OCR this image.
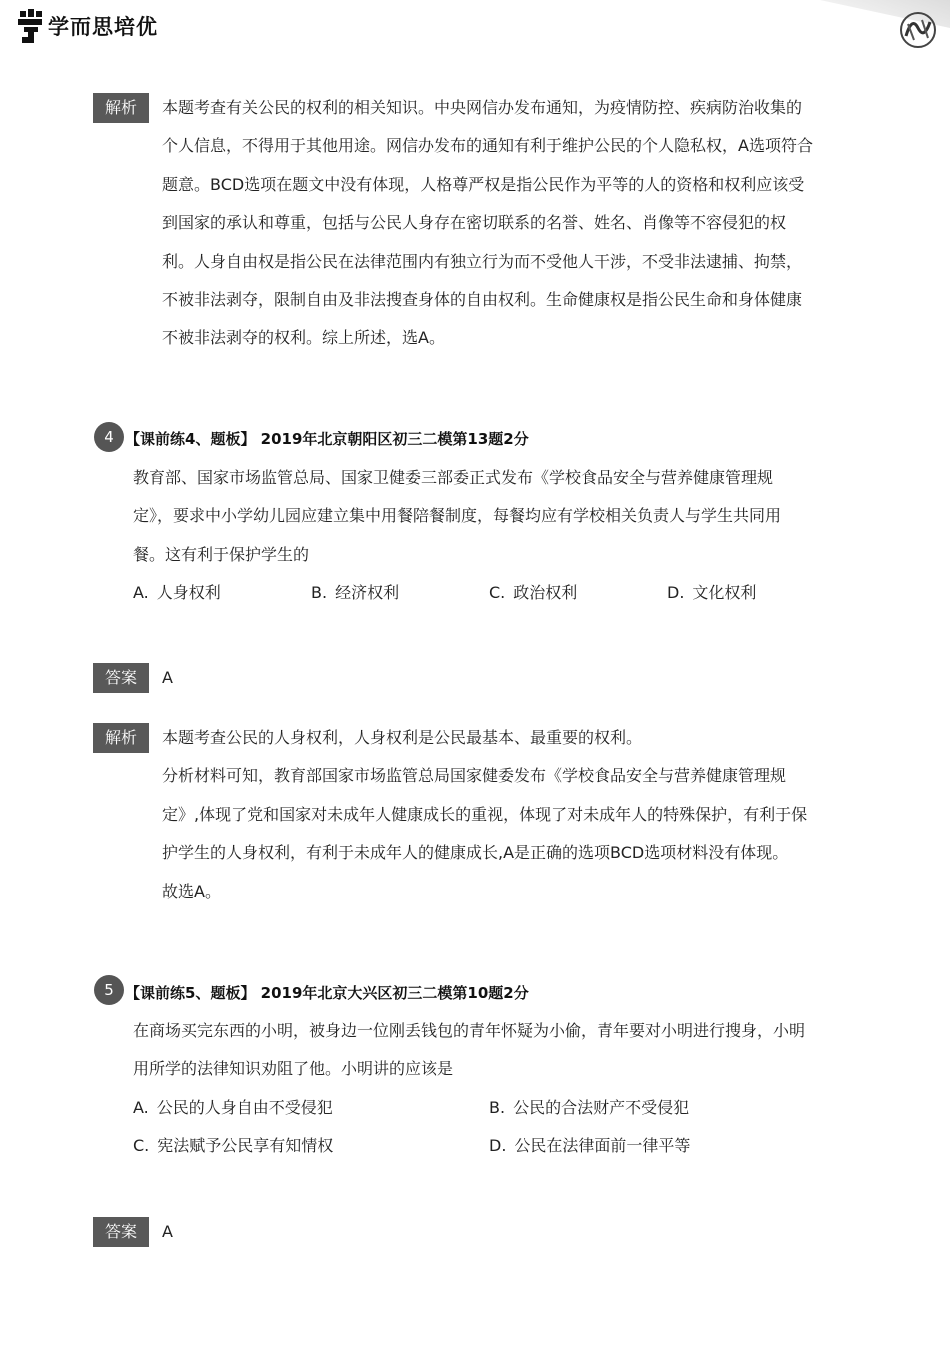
学而思培优
解析	本题考查有关公民的权利的相关知识。中央网信办发布通知，为疫情防控、疾病防治收集的

个人信息，不得用于其他用途。网信办发布的通知有利于维护公民的个人隐私权，A选项符合

题意。BCD选项在题文中没有体现，人格尊严权是指公民作为平等的人的资格和权利应该受

到国家的承认和尊重，包括与公民人身存在密切联系的名誉、姓名、肖像等不容侵犯的权

利。人身自由权是指公民在法律范围内有独立行为而不受他人干涉，不受非法逮捕、拘禁，

不被非法剥夺，限制自由及非法搜查身体的自由权利。生命健康权是指公民生命和身体健康

不被非法剥夺的权利。综上所述，选A。

4 【课前练4、题板】 2019年北京朝阳区初三二模第13题2分

教育部、国家市场监管总局、国家卫健委三部委正式发布《学校食品安全与营养健康管理规

定》，要求中小学幼儿园应建立集中用餐陪餐制度，每餐均应有学校相关负责人与学生共同用

餐。这有利于保护学生的

A. 人身权利	B. 经济权利	C. 政治权利	D. 文化权利
答案	A
解析	本题考查公民的人身权利，人身权利是公民最基本、最重要的权利。

分析材料可知，教育部国家市场监管总局国家健委发布《学校食品安全与营养健康管理规

定》,体现了党和国家对未成年人健康成长的重视，体现了对未成年人的特殊保护，有利于保

护学生的人身权利，有利于未成年人的健康成长,A是正确的选项BCD选项材料没有体现。

故选A。

5 【课前练5、题板】 2019年北京大兴区初三二模第10题2分

在商场买完东西的小明，被身边一位刚丢钱包的青年怀疑为小偷，青年要对小明进行搜身，小明

用所学的法律知识劝阻了他。小明讲的应该是

A. 公民的人身自由不受侵犯	B. 公民的合法财产不受侵犯
C. 宪法赋予公民享有知情权	D. 公民在法律面前一律平等
答案	A
